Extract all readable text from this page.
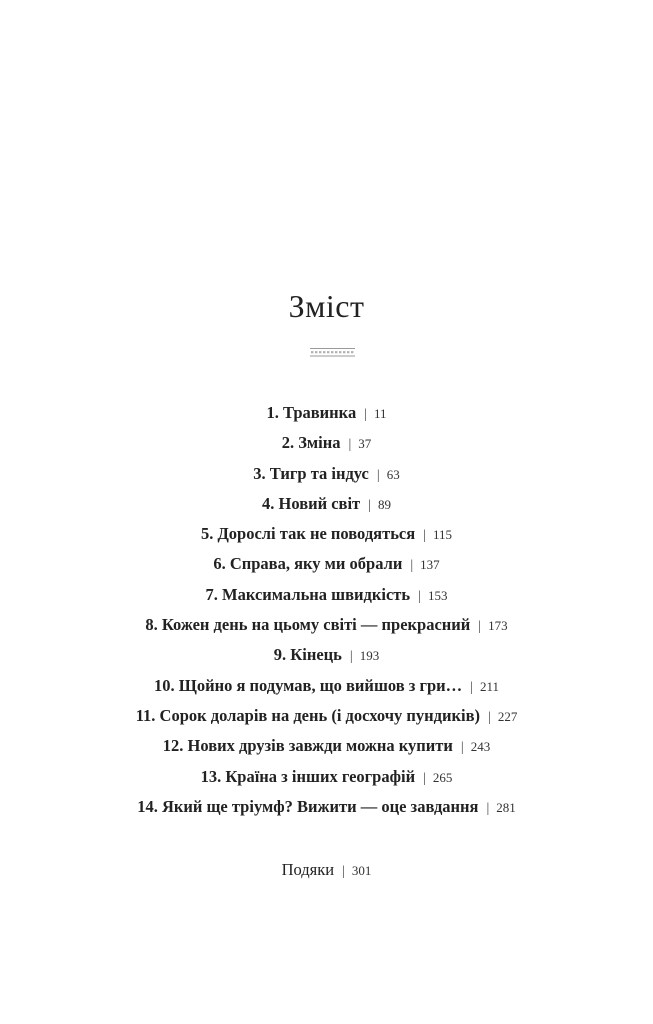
Зміст
1. Травинка | 11
2. Зміна | 37
3. Тигр та індус | 63
4. Новий світ | 89
5. Дорослі так не поводяться | 115
6. Справа, яку ми обрали | 137
7. Максимальна швидкість | 153
8. Кожен день на цьому світі — прекрасний | 173
9. Кінець | 193
10. Щойно я подумав, що вийшов з гри… | 211
11. Сорок доларів на день (і досхочу пундиків) | 227
12. Нових друзів завжди можна купити | 243
13. Країна з інших географій | 265
14. Який ще тріумф? Вижити — оце завдання | 281
Подяки | 301
